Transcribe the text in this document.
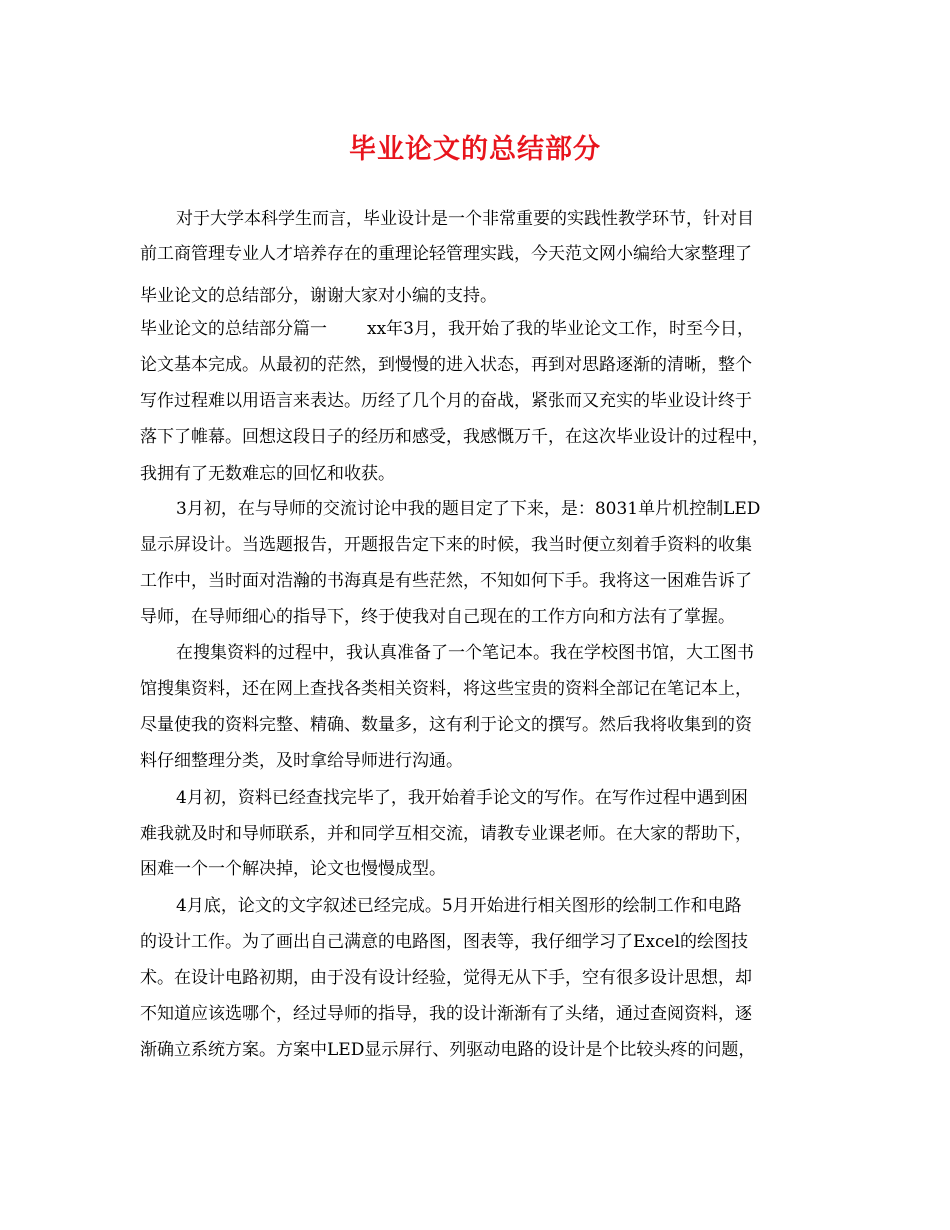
毕业论文的总结部分
对于大学本科学生而言，毕业设计是一个非常重要的实践性教学环节，针对目
前工商管理专业人才培养存在的重理论轻管理实践，今天范文网小编给大家整理了
毕业论文的总结部分，谢谢大家对小编的支持。
毕业论文的总结部分篇一 xx年3月，我开始了我的毕业论文工作，时至今日，
论文基本完成。从最初的茫然，到慢慢的进入状态，再到对思路逐渐的清晰，整个
写作过程难以用语言来表达。历经了几个月的奋战，紧张而又充实的毕业设计终于
落下了帷幕。回想这段日子的经历和感受，我感慨万千，在这次毕业设计的过程中，
我拥有了无数难忘的回忆和收获。
3月初，在与导师的交流讨论中我的题目定了下来，是：8031单片机控制LED
显示屏设计。当选题报告，开题报告定下来的时候，我当时便立刻着手资料的收集
工作中，当时面对浩瀚的书海真是有些茫然，不知如何下手。我将这一困难告诉了
导师，在导师细心的指导下，终于使我对自己现在的工作方向和方法有了掌握。
在搜集资料的过程中，我认真准备了一个笔记本。我在学校图书馆，大工图书
馆搜集资料，还在网上查找各类相关资料，将这些宝贵的资料全部记在笔记本上，
尽量使我的资料完整、精确、数量多，这有利于论文的撰写。然后我将收集到的资
料仔细整理分类，及时拿给导师进行沟通。
4月初，资料已经查找完毕了，我开始着手论文的写作。在写作过程中遇到困
难我就及时和导师联系，并和同学互相交流，请教专业课老师。在大家的帮助下，
困难一个一个解决掉，论文也慢慢成型。
4月底，论文的文字叙述已经完成。5月开始进行相关图形的绘制工作和电路
的设计工作。为了画出自己满意的电路图，图表等，我仔细学习了Excel的绘图技
术。在设计电路初期，由于没有设计经验，觉得无从下手，空有很多设计思想，却
不知道应该选哪个，经过导师的指导，我的设计渐渐有了头绪，通过查阅资料，逐
渐确立系统方案。方案中LED显示屏行、列驱动电路的设计是个比较头疼的问题，
